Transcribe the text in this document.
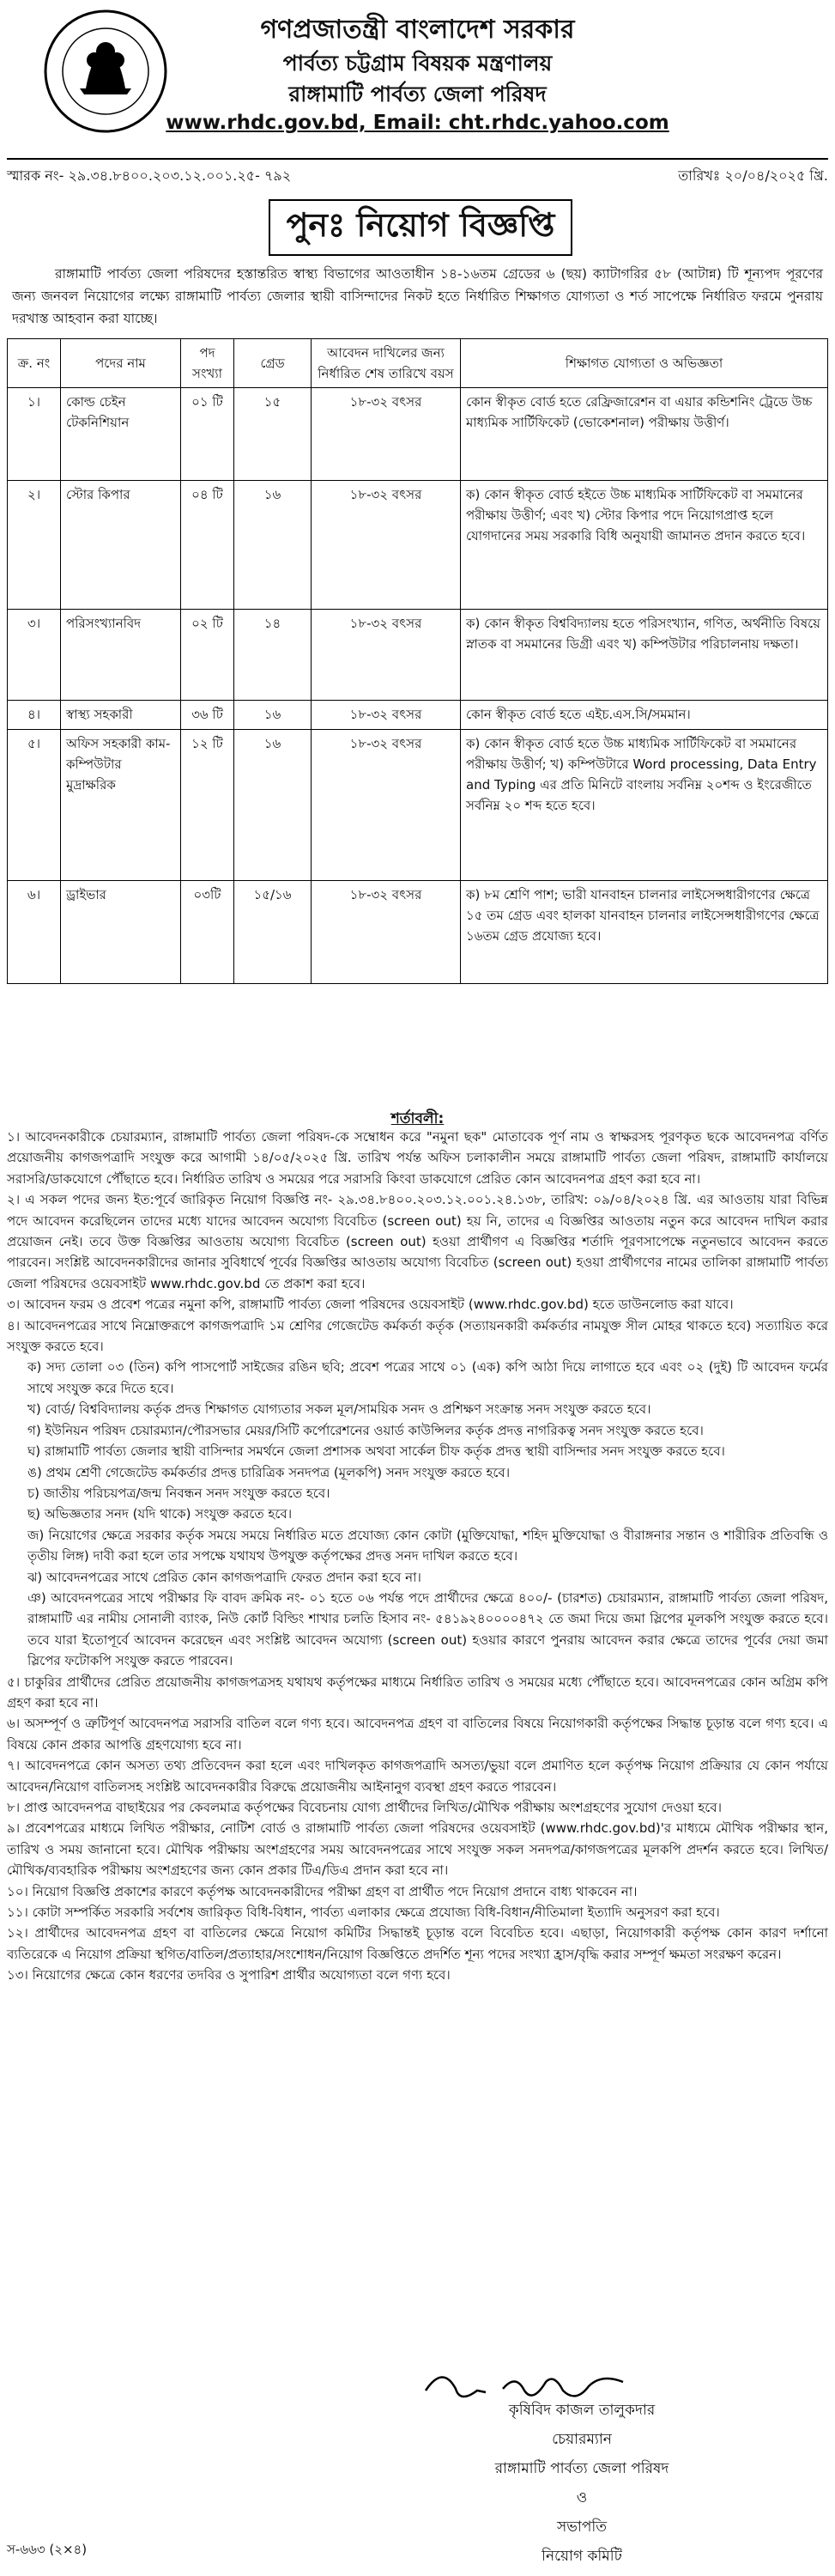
গণপ্রজাতন্ত্রী বাংলাদেশ সরকার
পার্বত্য চট্টগ্রাম বিষয়ক মন্ত্রণালয়
রাঙ্গামাটি পার্বত্য জেলা পরিষদ
www.rhdc.gov.bd, Email: cht.rhdc.yahoo.com
স্মারক নং- ২৯.৩৪.৮৪০০.২০৩.১২.০০১.২৫- ৭৯২	তারিখঃ ২০/০৪/২০২৫ খ্রি.
পুনঃ নিয়োগ বিজ্ঞপ্তি
রাঙ্গামাটি পার্বত্য জেলা পরিষদের হস্তান্তরিত স্বাস্থ্য বিভাগের আওতাধীন ১৪-১৬তম গ্রেডের ৬ (ছয়) ক্যাটাগরির ৫৮ (আটান্ন) টি শূন্যপদ পূরণের জন্য জনবল নিয়োগের লক্ষ্যে রাঙ্গামাটি পার্বত্য জেলার স্থায়ী বাসিন্দাদের নিকট হতে নির্ধারিত শিক্ষাগত যোগ্যতা ও শর্ত সাপেক্ষে নির্ধারিত ফরমে পুনরায় দরখাস্ত আহবান করা যাচ্ছে।
ক্র. নং	পদের নাম	পদ সংখ্যা	গ্রেড	আবেদন দাখিলের জন্য নির্ধারিত শেষ তারিখে বয়স	শিক্ষাগত যোগ্যতা ও অভিজ্ঞতা
১।	কোল্ড চেইন টেকনিশিয়ান	০১ টি	১৫	১৮-৩২ বৎসর	কোন স্বীকৃত বোর্ড হতে রেফ্রিজারেশন বা এয়ার কন্ডিশনিং ট্রেডে উচ্চ মাধ্যমিক সার্টিফিকেট (ভোকেশনাল) পরীক্ষায় উত্তীর্ণ।
২।	স্টোর কিপার	০৪ টি	১৬	১৮-৩২ বৎসর	ক) কোন স্বীকৃত বোর্ড হইতে উচ্চ মাধ্যমিক সার্টিফিকেট বা সমমানের পরীক্ষায় উত্তীর্ণ; এবং খ) স্টোর কিপার পদে নিয়োগপ্রাপ্ত হলে যোগদানের সময় সরকারি বিধি অনুযায়ী জামানত প্রদান করতে হবে।
৩।	পরিসংখ্যানবিদ	০২ টি	১৪	১৮-৩২ বৎসর	ক) কোন স্বীকৃত বিশ্ববিদ্যালয় হতে পরিসংখ্যান, গণিত, অর্থনীতি বিষয়ে স্নাতক বা সমমানের ডিগ্রী এবং খ) কম্পিউটার পরিচালনায় দক্ষতা।
৪।	স্বাস্থ্য সহকারী	৩৬ টি	১৬	১৮-৩২ বৎসর	কোন স্বীকৃত বোর্ড হতে এইচ.এস.সি/সমমান।
৫।	অফিস সহকারী কাম-কম্পিউটার মুদ্রাক্ষরিক	১২ টি	১৬	১৮-৩২ বৎসর	ক) কোন স্বীকৃত বোর্ড হতে উচ্চ মাধ্যমিক সার্টিফিকেট বা সমমানের পরীক্ষায় উত্তীর্ণ; খ) কম্পিউটারে Word processing, Data Entry and Typing এর প্রতি মিনিটে বাংলায় সর্বনিম্ন ২০শব্দ ও ইংরেজীতে সর্বনিম্ন ২০ শব্দ হতে হবে।
৬।	ড্রাইভার	০৩টি	১৫/১৬	১৮-৩২ বৎসর	ক) ৮ম শ্রেণি পাশ; ভারী যানবাহন চালনার লাইসেন্সধারীগণের ক্ষেত্রে ১৫ তম গ্রেড এবং হালকা যানবাহন চালনার লাইসেন্সধারীগণের ক্ষেত্রে ১৬তম গ্রেড প্রযোজ্য হবে।
শর্তাবলী:

১। আবেদনকারীকে চেয়ারম্যান, রাঙ্গামাটি পার্বত্য জেলা পরিষদ-কে সম্বোধন করে "নমুনা ছক" মোতাবেক পূর্ণ নাম ও স্বাক্ষরসহ পূরণকৃত ছকে আবেদনপত্র বর্ণিত প্রয়োজনীয় কাগজপত্রাদি সংযুক্ত করে আগামী ১৪/০৫/২০২৫ খ্রি. তারিখ পর্যন্ত অফিস চলাকালীন সময়ে রাঙ্গামাটি পার্বত্য জেলা পরিষদ, রাঙ্গামাটি কার্যালয়ে সরাসরি/ডাকযোগে পৌঁছাতে হবে। নির্ধারিত তারিখ ও সময়ের পরে সরাসরি কিংবা ডাকযোগে প্রেরিত কোন আবেদনপত্র গ্রহণ করা হবে না।

২। এ সকল পদের জন্য ইত:পূর্বে জারিকৃত নিয়োগ বিজ্ঞপ্তি নং- ২৯.৩৪.৮৪০০.২০৩.১২.০০১.২৪.১৩৮, তারিখ: ০৯/০৪/২০২৪ খ্রি. এর আওতায় যারা বিভিন্ন পদে আবেদন করেছিলেন তাদের মধ্যে যাদের আবেদন অযোগ্য বিবেচিত (screen out) হয় নি, তাদের এ বিজ্ঞপ্তির আওতায় নতুন করে আবেদন দাখিল করার প্রয়োজন নেই। তবে উক্ত বিজ্ঞপ্তির আওতায় অযোগ্য বিবেচিত (screen out) হওয়া প্রার্থীগণ এ বিজ্ঞপ্তির শর্তাদি পূরণসাপেক্ষে নতুনভাবে আবেদন করতে পারবেন। সংশ্লিষ্ট আবেদনকারীদের জানার সুবিধার্থে পূর্বের বিজ্ঞপ্তির আওতায় অযোগ্য বিবেচিত (screen out) হওয়া প্রার্থীগণের নামের তালিকা রাঙ্গামাটি পার্বত্য জেলা পরিষদের ওয়েবসাইট www.rhdc.gov.bd তে প্রকাশ করা হবে।

৩। আবেদন ফরম ও প্রবেশ পত্রের নমুনা কপি, রাঙ্গামাটি পার্বত্য জেলা পরিষদের ওয়েবসাইট (www.rhdc.gov.bd) হতে ডাউনলোড করা যাবে।

৪। আবেদনপত্রের সাথে নিম্নোক্তরূপে কাগজপত্রাদি ১ম শ্রেণির গেজেটেড কর্মকর্তা কর্তৃক (সত্যায়নকারী কর্মকর্তার নামযুক্ত সীল মোহর থাকতে হবে) সত্যায়িত করে সংযুক্ত করতে হবে।

ক) সদ্য তোলা ০৩ (তিন) কপি পাসপোর্ট সাইজের রঙিন ছবি; প্রবেশ পত্রের সাথে ০১ (এক) কপি আঠা দিয়ে লাগাতে হবে এবং ০২ (দুই) টি আবেদন ফর্মের সাথে সংযুক্ত করে দিতে হবে।

খ) বোর্ড/ বিশ্ববিদ্যালয় কর্তৃক প্রদত্ত শিক্ষাগত যোগ্যতার সকল মূল/সাময়িক সনদ ও প্রশিক্ষণ সংক্রান্ত সনদ সংযুক্ত করতে হবে।

গ) ইউনিয়ন পরিষদ চেয়ারম্যান/পৌরসভার মেয়র/সিটি কর্পোরেশনের ওয়ার্ড কাউন্সিলর কর্তৃক প্রদত্ত নাগরিকত্ব সনদ সংযুক্ত করতে হবে।

ঘ) রাঙ্গামাটি পার্বত্য জেলার স্থায়ী বাসিন্দার সমর্থনে জেলা প্রশাসক অথবা সার্কেল চীফ কর্তৃক প্রদত্ত স্থায়ী বাসিন্দার সনদ সংযুক্ত করতে হবে।

ঙ) প্রথম শ্রেণী গেজেটেড কর্মকর্তার প্রদত্ত চারিত্রিক সনদপত্র (মূলকপি) সনদ সংযুক্ত করতে হবে।

চ) জাতীয় পরিচয়পত্র/জন্ম নিবন্ধন সনদ সংযুক্ত করতে হবে।

ছ) অভিজ্ঞতার সনদ (যদি থাকে) সংযুক্ত করতে হবে।

জ) নিয়োগের ক্ষেত্রে সরকার কর্তৃক সময়ে সময়ে নির্ধারিত মতে প্রযোজ্য কোন কোটা (মুক্তিযোদ্ধা, শহিদ মুক্তিযোদ্ধা ও বীরাঙ্গনার সন্তান ও শারীরিক প্রতিবন্ধি ও তৃতীয় লিঙ্গ) দাবী করা হলে তার সপক্ষে যথাযথ উপযুক্ত কর্তৃপক্ষের প্রদত্ত সনদ দাখিল করতে হবে।

ঝ) আবেদনপত্রের সাথে প্রেরিত কোন কাগজপত্রাদি ফেরত প্রদান করা হবে না।

ঞ) আবেদনপত্রের সাথে পরীক্ষার ফি বাবদ ক্রমিক নং- ০১ হতে ০৬ পর্যন্ত পদে প্রার্থীদের ক্ষেত্রে ৪০০/- (চারশত) চেয়ারম্যান, রাঙ্গামাটি পার্বত্য জেলা পরিষদ, রাঙ্গামাটি এর নামীয় সোনালী ব্যাংক, নিউ কোর্ট বিল্ডিং শাখার চলতি হিসাব নং- ৫৪১৯২৪০০০০৪৭২ তে জমা দিয়ে জমা স্লিপের মূলকপি সংযুক্ত করতে হবে। তবে যারা ইতোপূর্বে আবেদন করেছেন এবং সংশ্লিষ্ট আবেদন অযোগ্য (screen out) হওয়ার কারণে পুনরায় আবেদন করার ক্ষেত্রে তাদের পূর্বের দেয়া জমা স্লিপের ফটোকপি সংযুক্ত করতে পারবেন।

৫। চাকুরির প্রার্থীদের প্রেরিত প্রয়োজনীয় কাগজপত্রসহ যথাযথ কর্তৃপক্ষের মাধ্যমে নির্ধারিত তারিখ ও সময়ের মধ্যে পৌঁছাতে হবে। আবেদনপত্রের কোন অগ্রিম কপি গ্রহণ করা হবে না।

৬। অসম্পূর্ণ ও ত্রুটিপূর্ণ আবেদনপত্র সরাসরি বাতিল বলে গণ্য হবে। আবেদনপত্র গ্রহণ বা বাতিলের বিষয়ে নিয়োগকারী কর্তৃপক্ষের সিদ্ধান্ত চূড়ান্ত বলে গণ্য হবে। এ বিষয়ে কোন প্রকার আপত্তি গ্রহণযোগ্য হবে না।

৭। আবেদনপত্রে কোন অসত্য তথ্য প্রতিবেদন করা হলে এবং দাখিলকৃত কাগজপত্রাদি অসত্য/ভুয়া বলে প্রমাণিত হলে কর্তৃপক্ষ নিয়োগ প্রক্রিয়ার যে কোন পর্যায়ে আবেদন/নিয়োগ বাতিলসহ সংশ্লিষ্ট আবেদনকারীর বিরুদ্ধে প্রয়োজনীয় আইনানুগ ব্যবস্থা গ্রহণ করতে পারবেন।

৮। প্রাপ্ত আবেদনপত্র বাছাইয়ের পর কেবলমাত্র কর্তৃপক্ষের বিবেচনায় যোগ্য প্রার্থীদের লিখিত/মৌখিক পরীক্ষায় অংশগ্রহণের সুযোগ দেওয়া হবে।

৯। প্রবেশপত্রের মাধ্যমে লিখিত পরীক্ষার, নোটিশ বোর্ড ও রাঙ্গামাটি পার্বত্য জেলা পরিষদের ওয়েবসাইট (www.rhdc.gov.bd)'র মাধ্যমে মৌখিক পরীক্ষার স্থান, তারিখ ও সময় জানানো হবে। মৌখিক পরীক্ষায় অংশগ্রহণের সময় আবেদনপত্রের সাথে সংযুক্ত সকল সনদপত্র/কাগজপত্রের মূলকপি প্রদর্শন করতে হবে। লিখিত/মৌখিক/ব্যবহারিক পরীক্ষায় অংশগ্রহণের জন্য কোন প্রকার টিএ/ডিএ প্রদান করা হবে না।

১০। নিয়োগ বিজ্ঞপ্তি প্রকাশের কারণে কর্তৃপক্ষ আবেদনকারীদের পরীক্ষা গ্রহণ বা প্রার্থীত পদে নিয়োগ প্রদানে বাধ্য থাকবেন না।

১১। কোটা সম্পর্কিত সরকারি সর্বশেষ জারিকৃত বিধি-বিধান, পার্বত্য এলাকার ক্ষেত্রে প্রযোজ্য বিধি-বিধান/নীতিমালা ইত্যাদি অনুসরণ করা হবে।

১২। প্রার্থীদের আবেদনপত্র গ্রহণ বা বাতিলের ক্ষেত্রে নিয়োগ কমিটির সিদ্ধান্তই চূড়ান্ত বলে বিবেচিত হবে। এছাড়া, নিয়োগকারী কর্তৃপক্ষ কোন কারণ দর্শানো ব্যতিরেকে এ নিয়োগ প্রক্রিয়া স্থগিত/বাতিল/প্রত্যাহার/সংশোধন/নিয়োগ বিজ্ঞপ্তিতে প্রদর্শিত শূন্য পদের সংখ্যা হ্রাস/বৃদ্ধি করার সম্পূর্ণ ক্ষমতা সংরক্ষণ করেন।

১৩। নিয়োগের ক্ষেত্রে কোন ধরণের তদবির ও সুপারিশ প্রার্থীর অযোগ্যতা বলে গণ্য হবে।

কৃষিবিদ কাজল তালুকদার
চেয়ারম্যান
রাঙ্গামাটি পার্বত্য জেলা পরিষদ
ও
সভাপতি
নিয়োগ কমিটি
স-৬৬৩ (২×৪)
